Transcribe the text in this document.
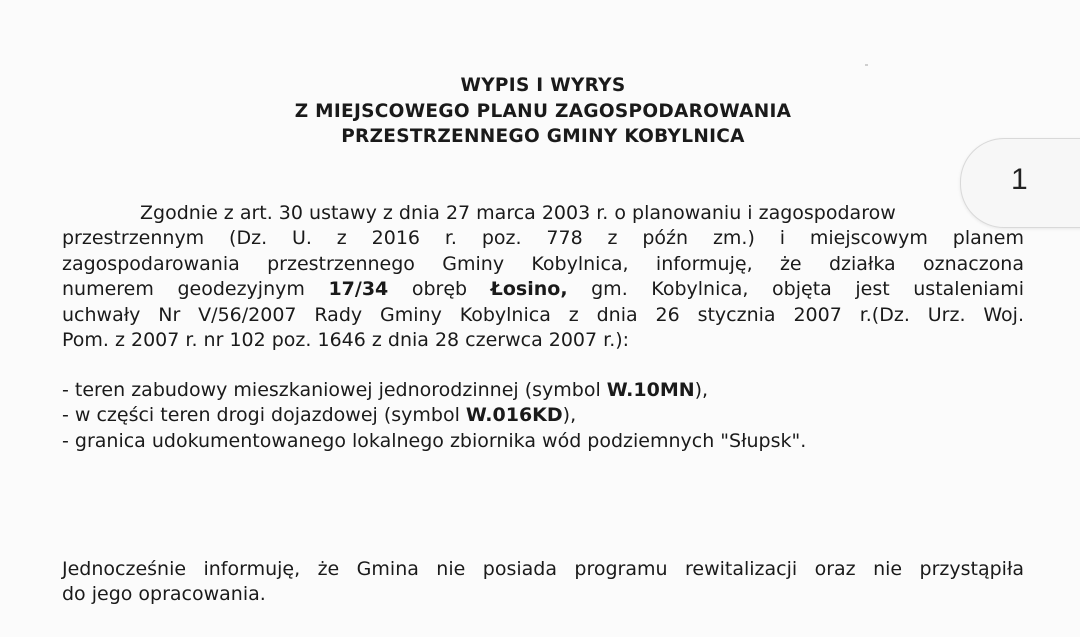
WYPIS I WYRYS
Z MIEJSCOWEGO PLANU ZAGOSPODAROWANIA
PRZESTRZENNEGO GMINY KOBYLNICA
Zgodnie z art. 30 ustawy z dnia 27 marca 2003 r. o planowaniu i zagospodarow
przestrzennym (Dz. U. z 2016 r. poz. 778 z późn zm.) i miejscowym planem
zagospodarowania przestrzennego Gminy Kobylnica, informuję, że działka oznaczona
numerem geodezyjnym 17/34 obręb Łosino, gm. Kobylnica, objęta jest ustaleniami
uchwały Nr V/56/2007 Rady Gminy Kobylnica z dnia 26 stycznia 2007 r.(Dz. Urz. Woj.
Pom. z 2007 r. nr 102 poz. 1646 z dnia 28 czerwca 2007 r.):
- teren zabudowy mieszkaniowej jednorodzinnej (symbol W.10MN),
- w części teren drogi dojazdowej (symbol W.016KD),
- granica udokumentowanego lokalnego zbiornika wód podziemnych "Słupsk".
Jednocześnie informuję, że Gmina nie posiada programu rewitalizacji oraz nie przystąpiła
do jego opracowania.
1
